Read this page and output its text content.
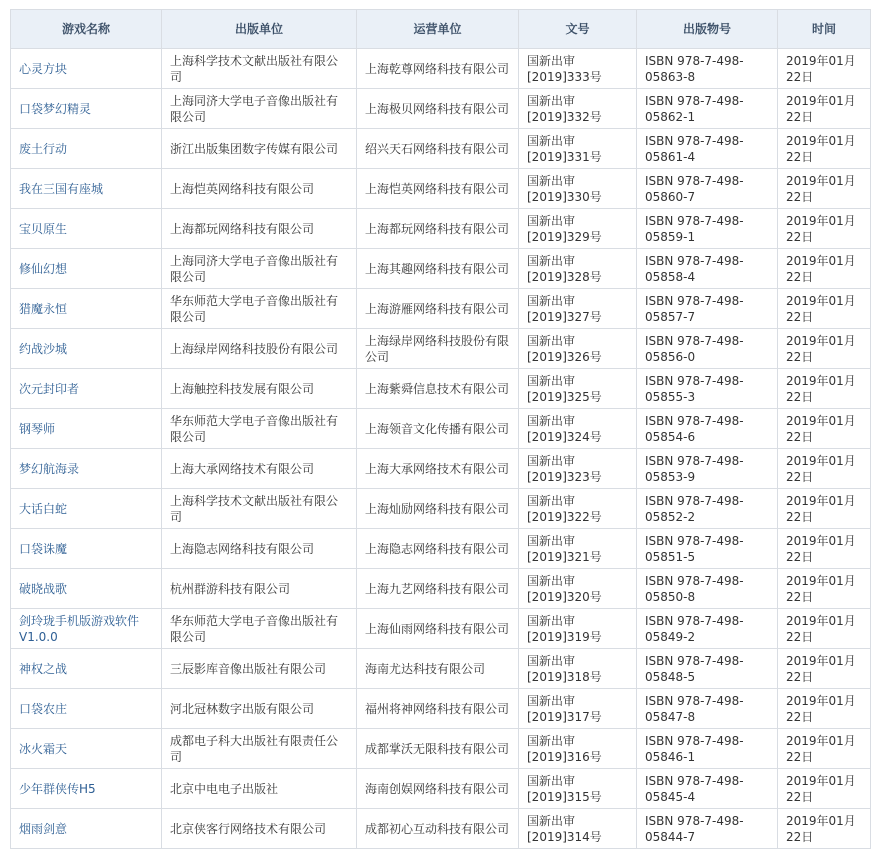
游戏名称	出版单位	运营单位	文号	出版物号	时间
心灵方块	上海科学技术文献出版社有限公司	上海乾尊网络科技有限公司	国新出审[2019]333号	ISBN 978-7-498-05863-8	2019年01月22日
口袋梦幻精灵	上海同济大学电子音像出版社有限公司	上海极贝网络科技有限公司	国新出审[2019]332号	ISBN 978-7-498-05862-1	2019年01月22日
废土行动	浙江出版集团数字传媒有限公司	绍兴天石网络科技有限公司	国新出审[2019]331号	ISBN 978-7-498-05861-4	2019年01月22日
我在三国有座城	上海恺英网络科技有限公司	上海恺英网络科技有限公司	国新出审[2019]330号	ISBN 978-7-498-05860-7	2019年01月22日
宝贝原生	上海都玩网络科技有限公司	上海都玩网络科技有限公司	国新出审[2019]329号	ISBN 978-7-498-05859-1	2019年01月22日
修仙幻想	上海同济大学电子音像出版社有限公司	上海其趣网络科技有限公司	国新出审[2019]328号	ISBN 978-7-498-05858-4	2019年01月22日
猎魔永恒	华东师范大学电子音像出版社有限公司	上海游雁网络科技有限公司	国新出审[2019]327号	ISBN 978-7-498-05857-7	2019年01月22日
约战沙城	上海绿岸网络科技股份有限公司	上海绿岸网络科技股份有限公司	国新出审[2019]326号	ISBN 978-7-498-05856-0	2019年01月22日
次元封印者	上海触控科技发展有限公司	上海紫舜信息技术有限公司	国新出审[2019]325号	ISBN 978-7-498-05855-3	2019年01月22日
钢琴师	华东师范大学电子音像出版社有限公司	上海领音文化传播有限公司	国新出审[2019]324号	ISBN 978-7-498-05854-6	2019年01月22日
梦幻航海录	上海大承网络技术有限公司	上海大承网络技术有限公司	国新出审[2019]323号	ISBN 978-7-498-05853-9	2019年01月22日
大话白蛇	上海科学技术文献出版社有限公司	上海灿励网络科技有限公司	国新出审[2019]322号	ISBN 978-7-498-05852-2	2019年01月22日
口袋诛魔	上海隐志网络科技有限公司	上海隐志网络科技有限公司	国新出审[2019]321号	ISBN 978-7-498-05851-5	2019年01月22日
破晓战歌	杭州群游科技有限公司	上海九艺网络科技有限公司	国新出审[2019]320号	ISBN 978-7-498-05850-8	2019年01月22日
剑玲珑手机版游戏软件V1.0.0	华东师范大学电子音像出版社有限公司	上海仙雨网络科技有限公司	国新出审[2019]319号	ISBN 978-7-498-05849-2	2019年01月22日
神权之战	三辰影库音像出版社有限公司	海南尤达科技有限公司	国新出审[2019]318号	ISBN 978-7-498-05848-5	2019年01月22日
口袋农庄	河北冠林数字出版有限公司	福州将神网络科技有限公司	国新出审[2019]317号	ISBN 978-7-498-05847-8	2019年01月22日
冰火霜天	成都电子科大出版社有限责任公司	成都掌沃无限科技有限公司	国新出审[2019]316号	ISBN 978-7-498-05846-1	2019年01月22日
少年群侠传H5	北京中电电子出版社	海南创娱网络科技有限公司	国新出审[2019]315号	ISBN 978-7-498-05845-4	2019年01月22日
烟雨剑意	北京侠客行网络技术有限公司	成都初心互动科技有限公司	国新出审[2019]314号	ISBN 978-7-498-05844-7	2019年01月22日
